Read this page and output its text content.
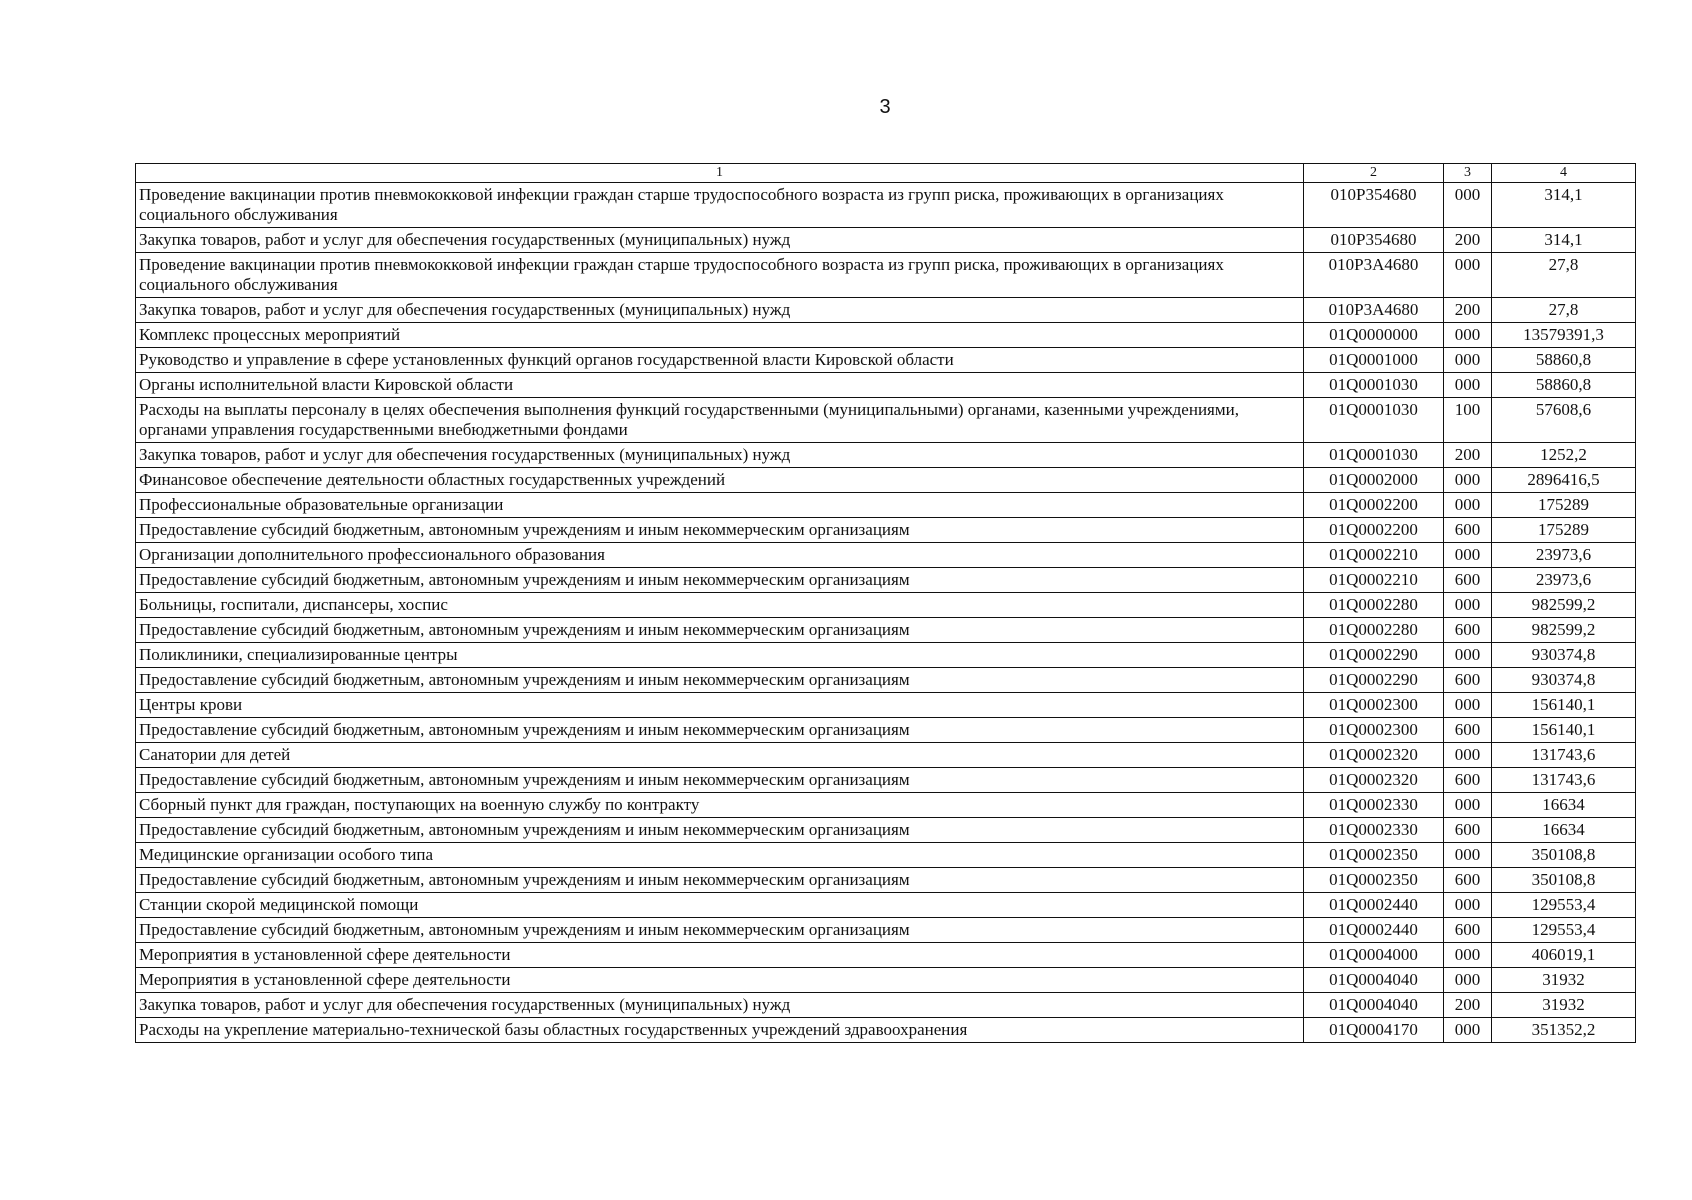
3
1	2	3	4
Проведение вакцинации против пневмококковой инфекции граждан старше трудоспособного возраста из групп риска, проживающих в организациях социального обслуживания	010P354680	000	314,1
Закупка товаров, работ и услуг для обеспечения государственных (муниципальных) нужд	010P354680	200	314,1
Проведение вакцинации против пневмококковой инфекции граждан старше трудоспособного возраста из групп риска, проживающих в организациях социального обслуживания	010P3A4680	000	27,8
Закупка товаров, работ и услуг для обеспечения государственных (муниципальных) нужд	010P3A4680	200	27,8
Комплекс процессных мероприятий	01Q0000000	000	13579391,3
Руководство и управление в сфере установленных функций органов государственной власти Кировской области	01Q0001000	000	58860,8
Органы исполнительной власти Кировской области	01Q0001030	000	58860,8
Расходы на выплаты персоналу в целях обеспечения выполнения функций государственными (муниципальными) органами, казенными учреждениями, органами управления государственными внебюджетными фондами	01Q0001030	100	57608,6
Закупка товаров, работ и услуг для обеспечения государственных (муниципальных) нужд	01Q0001030	200	1252,2
Финансовое обеспечение деятельности областных государственных учреждений	01Q0002000	000	2896416,5
Профессиональные образовательные организации	01Q0002200	000	175289
Предоставление субсидий бюджетным, автономным учреждениям и иным некоммерческим организациям	01Q0002200	600	175289
Организации дополнительного профессионального образования	01Q0002210	000	23973,6
Предоставление субсидий бюджетным, автономным учреждениям и иным некоммерческим организациям	01Q0002210	600	23973,6
Больницы, госпитали, диспансеры, хоспис	01Q0002280	000	982599,2
Предоставление субсидий бюджетным, автономным учреждениям и иным некоммерческим организациям	01Q0002280	600	982599,2
Поликлиники, специализированные центры	01Q0002290	000	930374,8
Предоставление субсидий бюджетным, автономным учреждениям и иным некоммерческим организациям	01Q0002290	600	930374,8
Центры крови	01Q0002300	000	156140,1
Предоставление субсидий бюджетным, автономным учреждениям и иным некоммерческим организациям	01Q0002300	600	156140,1
Санатории для детей	01Q0002320	000	131743,6
Предоставление субсидий бюджетным, автономным учреждениям и иным некоммерческим организациям	01Q0002320	600	131743,6
Сборный пункт для граждан, поступающих на военную службу по контракту	01Q0002330	000	16634
Предоставление субсидий бюджетным, автономным учреждениям и иным некоммерческим организациям	01Q0002330	600	16634
Медицинские организации особого типа	01Q0002350	000	350108,8
Предоставление субсидий бюджетным, автономным учреждениям и иным некоммерческим организациям	01Q0002350	600	350108,8
Станции скорой медицинской помощи	01Q0002440	000	129553,4
Предоставление субсидий бюджетным, автономным учреждениям и иным некоммерческим организациям	01Q0002440	600	129553,4
Мероприятия в установленной сфере деятельности	01Q0004000	000	406019,1
Мероприятия в установленной сфере деятельности	01Q0004040	000	31932
Закупка товаров, работ и услуг для обеспечения государственных (муниципальных) нужд	01Q0004040	200	31932
Расходы на укрепление материально-технической базы областных государственных учреждений здравоохранения	01Q0004170	000	351352,2
